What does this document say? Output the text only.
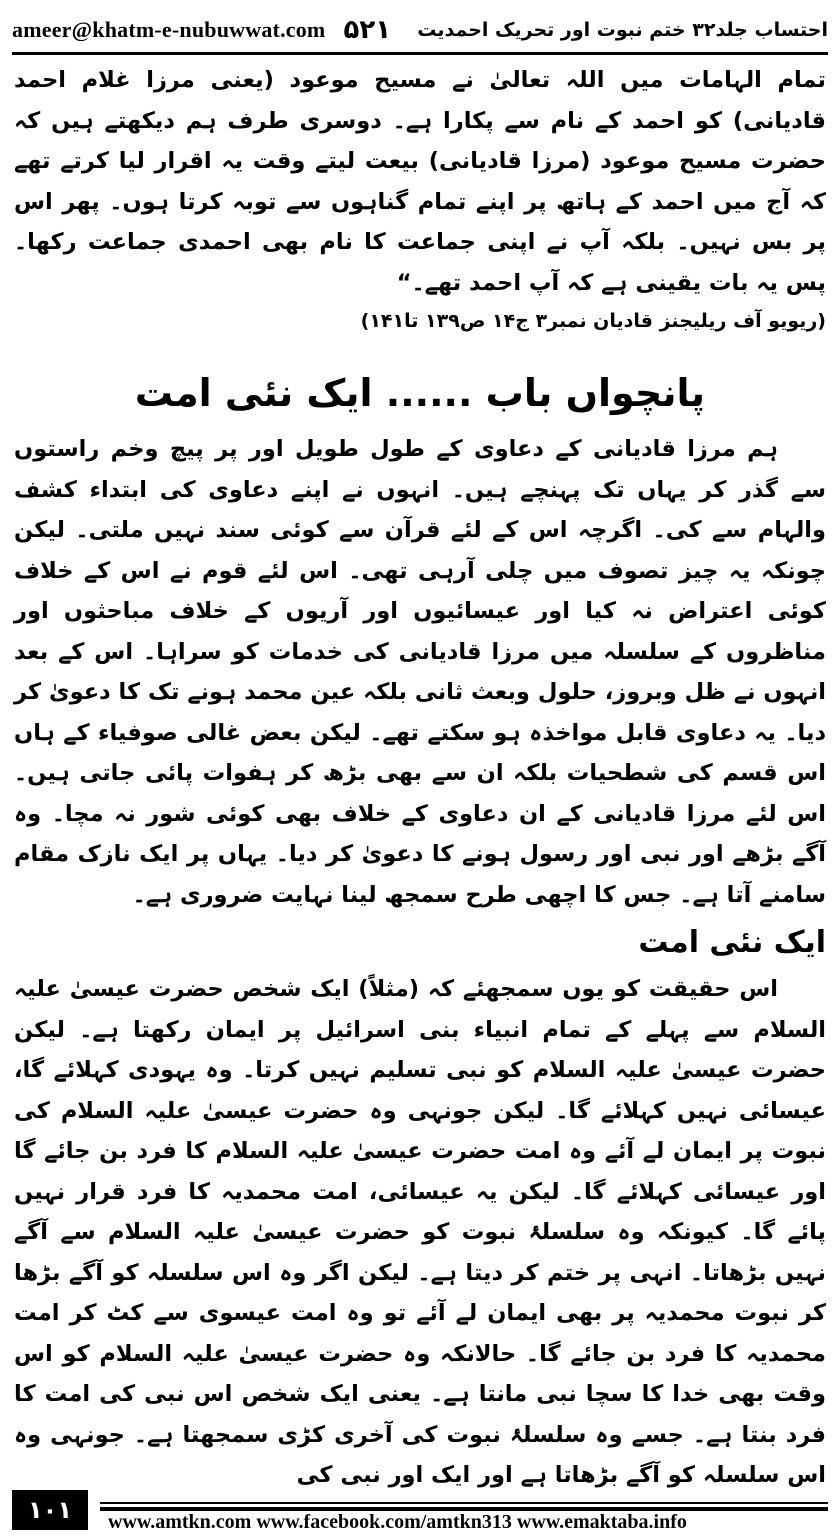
ameer@khatm-e-nubuwwat.com ۵۲۱ احتساب جلد۳۲ ختم نبوت اور تحریک احمدیت

تمام الہامات میں اللہ تعالیٰ نے مسیح موعود (یعنی مرزا غلام احمد قادیانی) کو احمد کے نام سے پکارا ہے۔ دوسری طرف ہم دیکھتے ہیں کہ حضرت مسیح موعود (مرزا قادیانی) بیعت لیتے وقت یہ اقرار لیا کرتے تھے کہ آج میں احمد کے ہاتھ پر اپنے تمام گناہوں سے توبہ کرتا ہوں۔ پھر اس پر بس نہیں۔ بلکہ آپ نے اپنی جماعت کا نام بھی احمدی جماعت رکھا۔ پس یہ بات یقینی ہے کہ آپ احمد تھے۔“

(ریویو آف ریلیجنز قادیان نمبر۳ ج۱۴ ص۱۳۹ تا۱۴۱)

پانچواں باب ...... ایک نئی امت

ہم مرزا قادیانی کے دعاوی کے طول طویل اور پر پیچ وخم راستوں سے گذر کر یہاں تک پہنچے ہیں۔ انہوں نے اپنے دعاوی کی ابتداء کشف والہام سے کی۔ اگرچہ اس کے لئے قرآن سے کوئی سند نہیں ملتی۔ لیکن چونکہ یہ چیز تصوف میں چلی آرہی تھی۔ اس لئے قوم نے اس کے خلاف کوئی اعتراض نہ کیا اور عیسائیوں اور آریوں کے خلاف مباحثوں اور مناظروں کے سلسلہ میں مرزا قادیانی کی خدمات کو سراہا۔ اس کے بعد انہوں نے ظل وبروز، حلول وبعث ثانی بلکہ عین محمد ہونے تک کا دعویٰ کر دیا۔ یہ دعاوی قابل مواخذہ ہو سکتے تھے۔ لیکن بعض غالی صوفیاء کے ہاں اس قسم کی شطحیات بلکہ ان سے بھی بڑھ کر ہفوات پائی جاتی ہیں۔ اس لئے مرزا قادیانی کے ان دعاوی کے خلاف بھی کوئی شور نہ مچا۔ وہ آگے بڑھے اور نبی اور رسول ہونے کا دعویٰ کر دیا۔ یہاں پر ایک نازک مقام سامنے آتا ہے۔ جس کا اچھی طرح سمجھ لینا نہایت ضروری ہے۔

ایک نئی امت

اس حقیقت کو یوں سمجھئے کہ (مثلاً) ایک شخص حضرت عیسیٰ علیہ السلام سے پہلے کے تمام انبیاء بنی اسرائیل پر ایمان رکھتا ہے۔ لیکن حضرت عیسیٰ علیہ السلام کو نبی تسلیم نہیں کرتا۔ وہ یہودی کہلائے گا، عیسائی نہیں کہلائے گا۔ لیکن جونہی وہ حضرت عیسیٰ علیہ السلام کی نبوت پر ایمان لے آئے وہ امت حضرت عیسیٰ علیہ السلام کا فرد بن جائے گا اور عیسائی کہلائے گا۔ لیکن یہ عیسائی، امت محمدیہ کا فرد قرار نہیں پائے گا۔ کیونکہ وہ سلسلۂ نبوت کو حضرت عیسیٰ علیہ السلام سے آگے نہیں بڑھاتا۔ انہی پر ختم کر دیتا ہے۔ لیکن اگر وہ اس سلسلہ کو آگے بڑھا کر نبوت محمدیہ پر بھی ایمان لے آئے تو وہ امت عیسوی سے کٹ کر امت محمدیہ کا فرد بن جائے گا۔ حالانکہ وہ حضرت عیسیٰ علیہ السلام کو اس وقت بھی خدا کا سچا نبی مانتا ہے۔ یعنی ایک شخص اس نبی کی امت کا فرد بنتا ہے۔ جسے وہ سلسلۂ نبوت کی آخری کڑی سمجھتا ہے۔ جونہی وہ اس سلسلہ کو آگے بڑھاتا ہے اور ایک اور نبی کی

۱۰۱	www.amtkn.com www.facebook.com/amtkn313 www.emaktaba.info
